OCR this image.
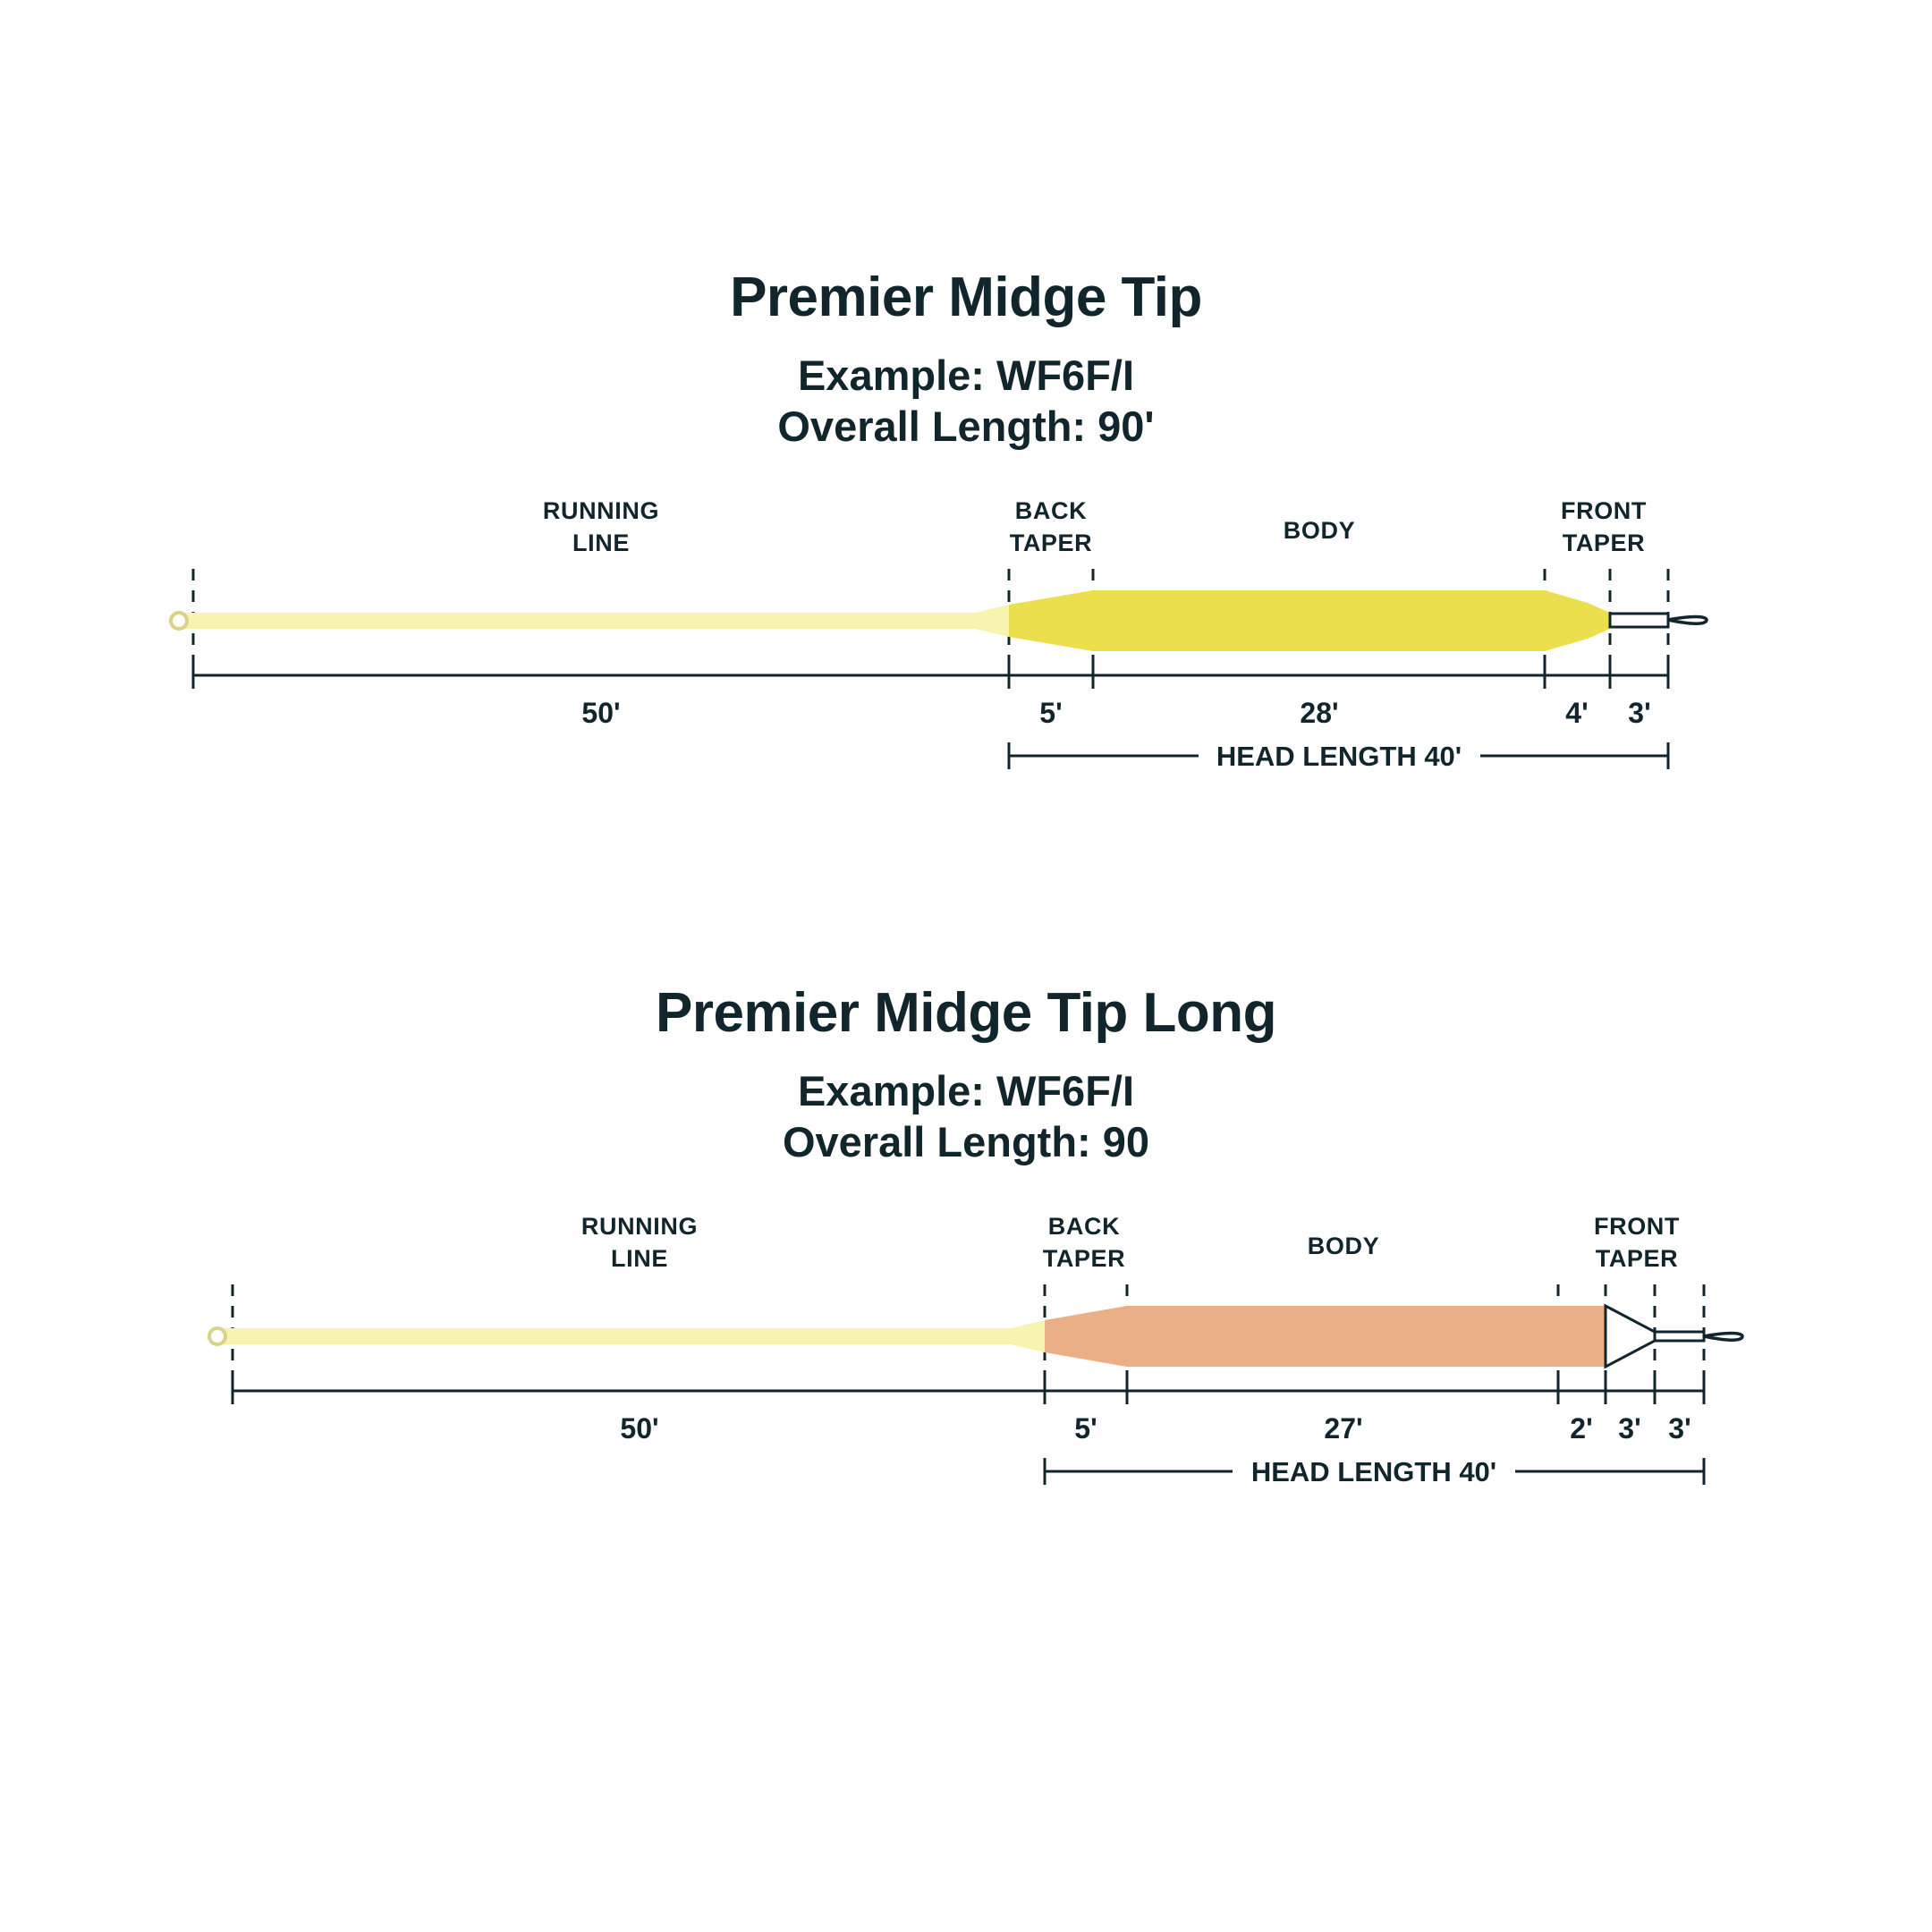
Premier Midge Tip
Example: WF6F/I
Overall Length: 90'
RUNNING
LINE
BACK
TAPER	BODY
FRONT
TAPER
50'	5'	28'	4' 3'
HEAD LENGTH 40'
Premier Midge Tip Long
Example: WF6F/I
Overall Length: 90
RUNNING
LINE
BACK
TAPER	BODY
FRONT
TAPER
50'	5'	27'	2' 3' 3'
HEAD LENGTH 40'
